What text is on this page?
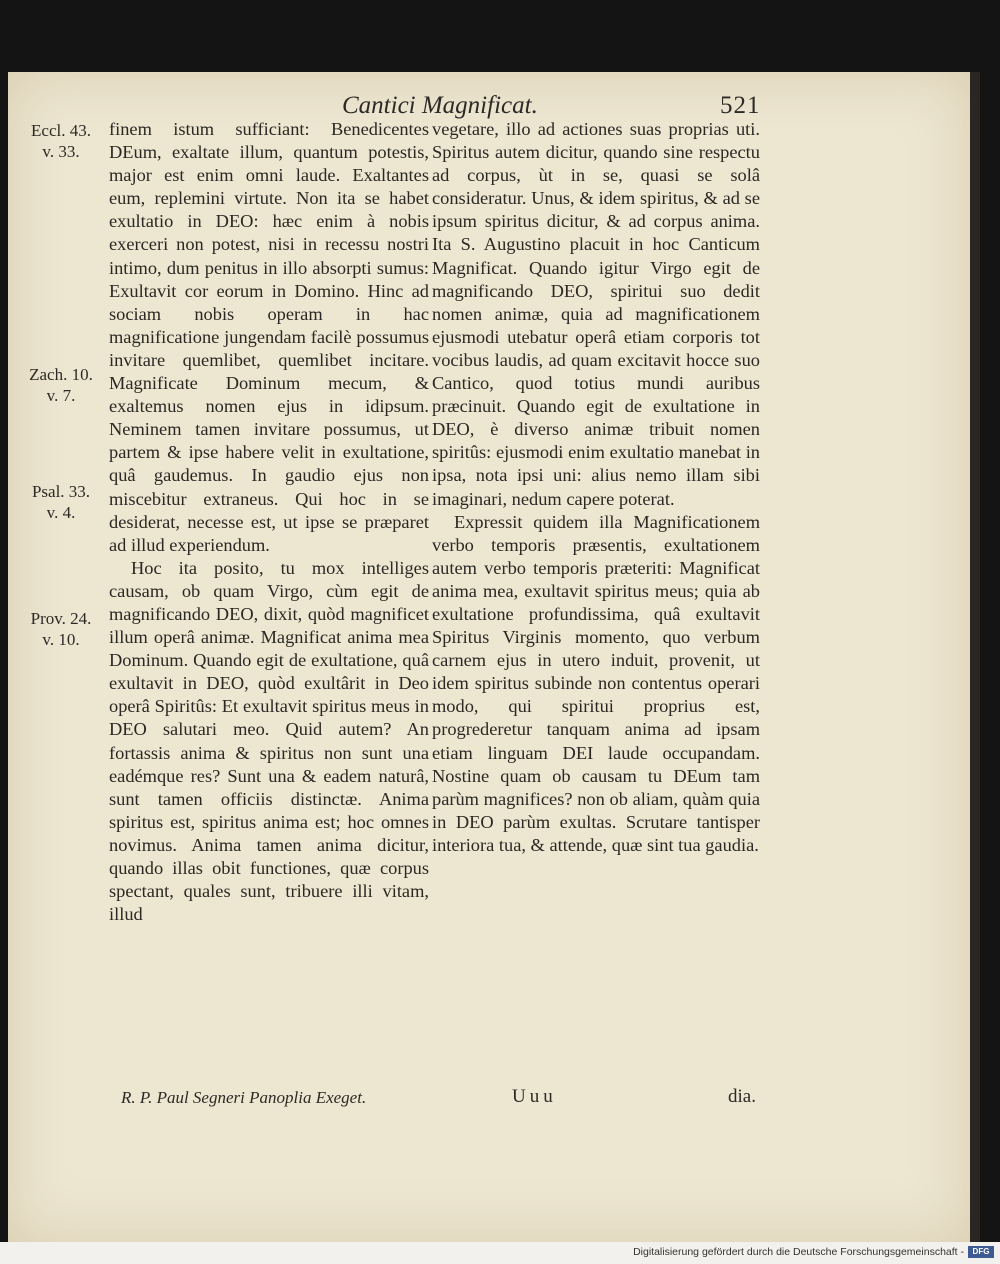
Cantici Magnificat.	521
Eccl. 43.
v. 33.
Zach. 10.
v. 7.
Psal. 33.
v. 4.
Prov. 24.
v. 10.

finem istum sufficiant: Benedicentes DEum, exaltate illum, quantum potestis, major est enim omni laude. Exaltantes eum, replemini virtute. Non ita se habet exultatio in DEO: hæc enim à nobis exerceri non potest, nisi in recessu nostri intimo, dum penitus in illo absorpti sumus: Exultavit cor eorum in Domino. Hinc ad sociam nobis operam in hac magnificatione jungendam facilè possumus invitare quemlibet, quemlibet incitare. Magnificate Dominum mecum, & exaltemus nomen ejus in idipsum. Neminem tamen invitare possumus, ut partem & ipse habere velit in exultatione, quâ gaudemus. In gaudio ejus non miscebitur extraneus. Qui hoc in se desiderat, necesse est, ut ipse se præparet ad illud experiendum.

Hoc ita posito, tu mox intelliges causam, ob quam Virgo, cùm egit de magnificando DEO, dixit, quòd magnificet illum operâ animæ. Magnificat anima mea Dominum. Quando egit de exultatione, quâ exultavit in DEO, quòd exultârit in Deo operâ Spiritûs: Et exultavit spiritus meus in DEO salutari meo. Quid autem? An fortassis anima & spiritus non sunt una eadémque res? Sunt una & eadem naturâ, sunt tamen officiis distinctæ. Anima spiritus est, spiritus anima est; hoc omnes novimus. Anima tamen anima dicitur, quando illas obit functiones, quæ corpus spectant, quales sunt, tribuere illi vitam, illud

vegetare, illo ad actiones suas proprias uti. Spiritus autem dicitur, quando sine respectu ad corpus, ùt in se, quasi se solâ consideratur. Unus, & idem spiritus, & ad se ipsum spiritus dicitur, & ad corpus anima. Ita S. Augustino placuit in hoc Canticum Magnificat. Quando igitur Virgo egit de magnificando DEO, spiritui suo dedit nomen animæ, quia ad magnificationem ejusmodi utebatur operâ etiam corporis tot vocibus laudis, ad quam excitavit hocce suo Cantico, quod totius mundi auribus præcinuit. Quando egit de exultatione in DEO, è diverso animæ tribuit nomen spiritûs: ejusmodi enim exultatio manebat in ipsa, nota ipsi uni: alius nemo illam sibi imaginari, nedum capere poterat.

Expressit quidem illa Magnificationem verbo temporis præsentis, exultationem autem verbo temporis præteriti: Magnificat anima mea, exultavit spiritus meus; quia ab exultatione profundissima, quâ exultavit Spiritus Virginis momento, quo verbum carnem ejus in utero induit, provenit, ut idem spiritus subinde non contentus operari modo, qui spiritui proprius est, progrederetur tanquam anima ad ipsam etiam linguam DEI laude occupandam. Nostine quam ob causam tu DEum tam parùm magnifices? non ob aliam, quàm quia in DEO parùm exultas. Scrutare tantisper interiora tua, & attende, quæ sint tua gaudia.

R. P. Paul Segneri Panoplia Exeget.	Uuu	dia.
Digitalisierung gefördert durch die Deutsche Forschungsgemeinschaft -	DFG
